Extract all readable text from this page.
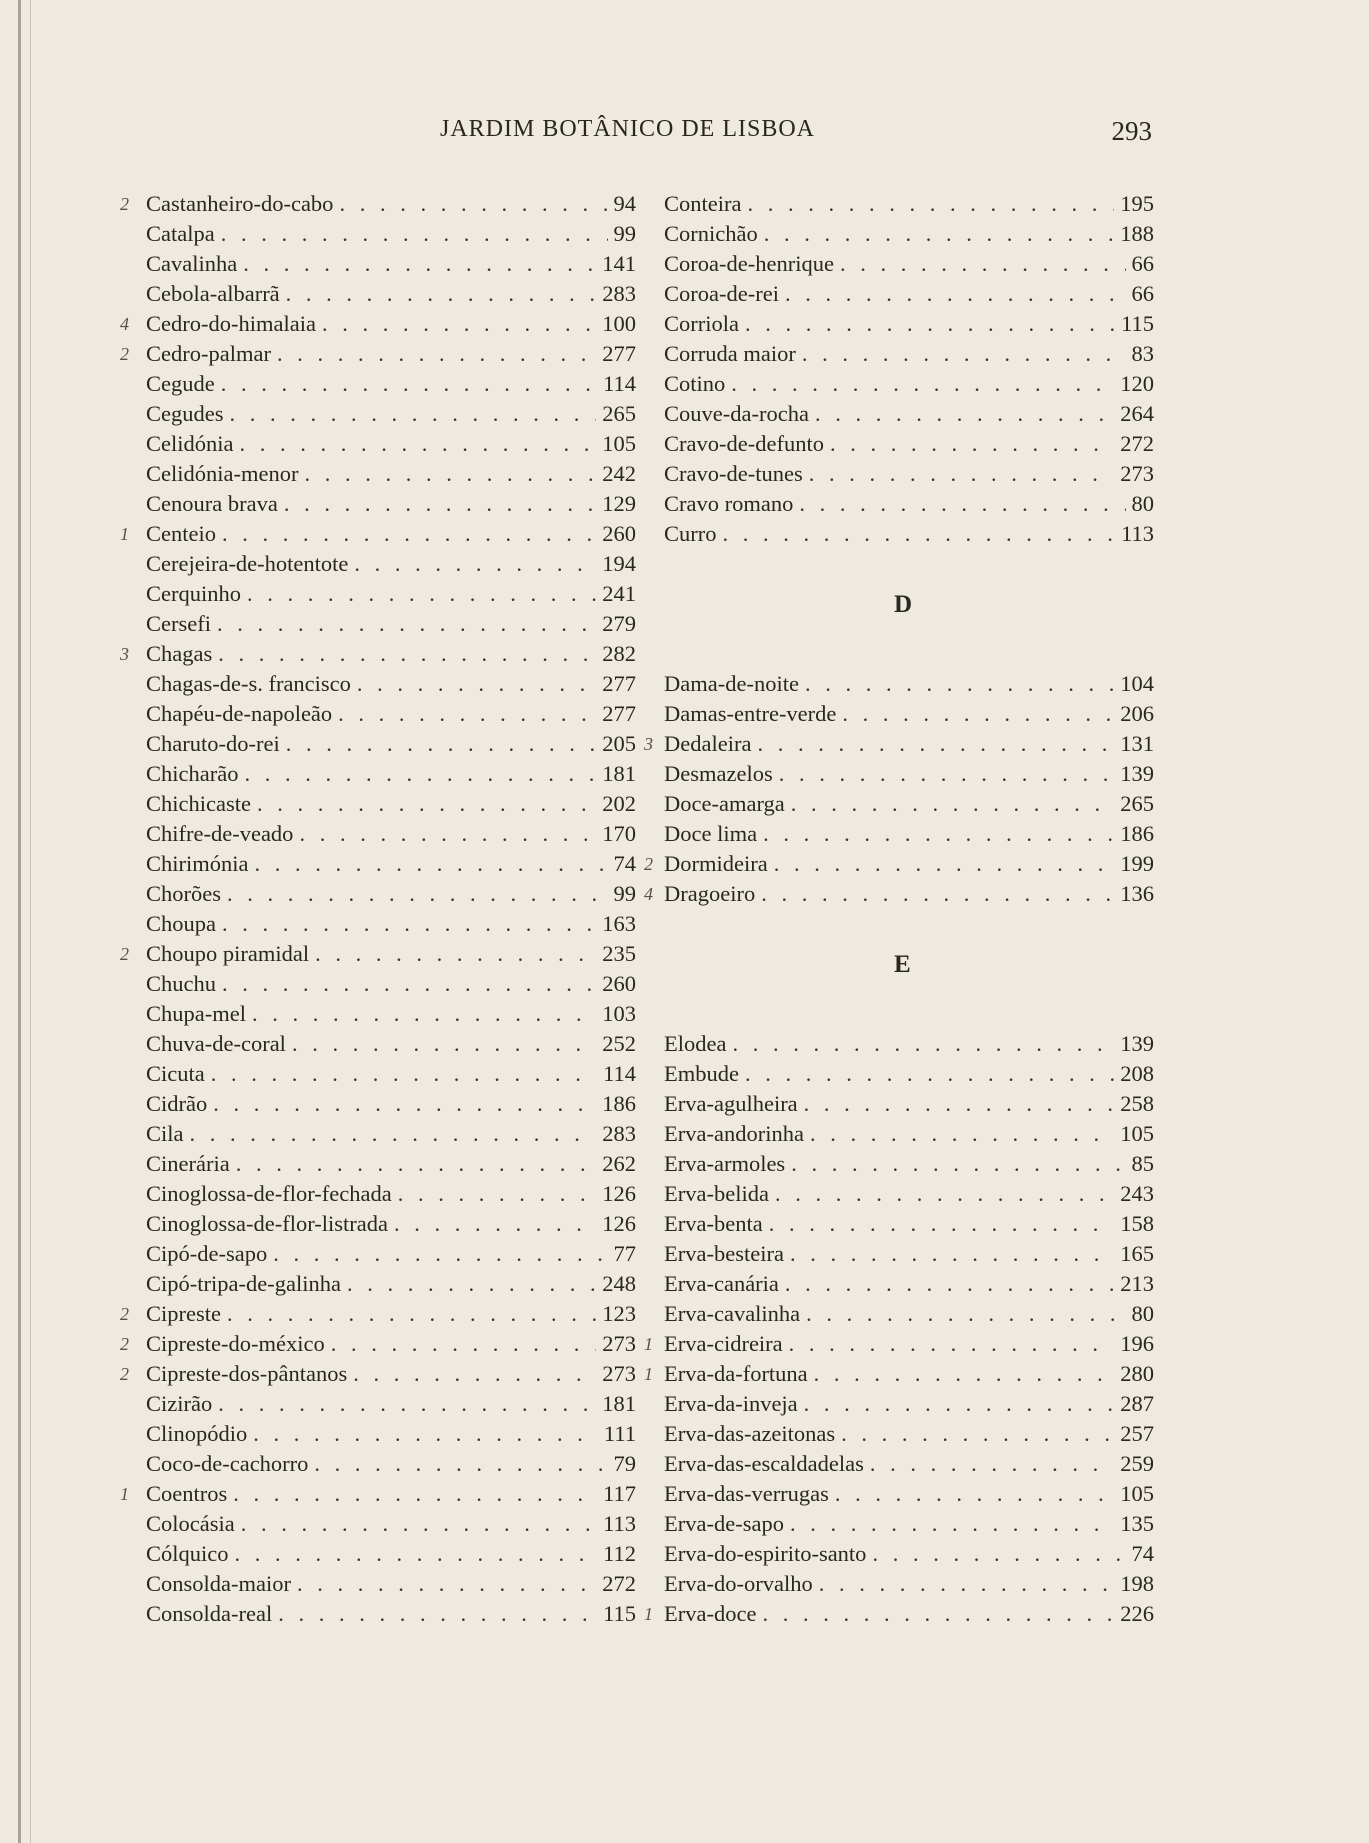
JARDIM BOTÂNICO DE LISBOA	293
2 Castanheiro-do-cabo . . .	94
Catalpa . . .	99
Cavalinha . . .	141
Cebola-albarrã . . .	283
4 Cedro-do-himalaia . . .	100
2 Cedro-palmar . . .	277
Cegude . . .	114
Cegudes . . .	265
Celidónia . . .	105
Celidónia-menor . . .	242
Cenoura brava . . .	129
1 Centeio . . .	260
Cerejeira-de-hotentote . . .	194
Cerquinho . . .	241
Cersefi . . .	279
3 Chagas . . .	282
Chagas-de-s. francisco . . .	277
Chapéu-de-napoleão . . .	277
Charuto-do-rei . . .	205
Chicharão . . .	181
Chichicaste . . .	202
Chifre-de-veado . . .	170
Chirimónia . . .	74
Chorões . . .	99
Choupa . . .	163
2 Choupo piramidal . . .	235
Chuchu . . .	260
Chupa-mel . . .	103
Chuva-de-coral . . .	252
Cicuta . . .	114
Cidrão . . .	186
Cila . . .	283
Cinerária . . .	262
Cinoglossa-de-flor-fechada . . .	126
Cinoglossa-de-flor-listrada . . .	126
Cipó-de-sapo . . .	77
Cipó-tripa-de-galinha . . .	248
2 Cipreste . . .	123
2 Cipreste-do-méxico . . .	273
2 Cipreste-dos-pântanos . . .	273
Cizirão . . .	181
Clinopódio . . .	111
Coco-de-cachorro . . .	79
1 Coentros . . .	117
Colocásia . . .	113
Cólquico . . .	112
Consolda-maior . . .	272
Consolda-real . . .	115
D
E
Conteira . . .	195
Cornichão . . .	188
Coroa-de-henrique . . .	66
Coroa-de-rei . . .	66
Corriola . . .	115
Corruda maior . . .	83
Cotino . . .	120
Couve-da-rocha . . .	264
Cravo-de-defunto . . .	272
Cravo-de-tunes . . .	273
Cravo romano . . .	80
Curro . . .	113
Dama-de-noite . . .	104
Damas-entre-verde . . .	206
3 Dedaleira . . .	131
Desmazelos . . .	139
Doce-amarga . . .	265
Doce lima . . .	186
2 Dormideira . . .	199
4 Dragoeiro . . .	136
Elodea . . .	139
Embude . . .	208
Erva-agulheira . . .	258
Erva-andorinha . . .	105
Erva-armoles . . .	85
Erva-belida . . .	243
Erva-benta . . .	158
Erva-besteira . . .	165
Erva-canária . . .	213
Erva-cavalinha . . .	80
1 Erva-cidreira . . .	196
1 Erva-da-fortuna . . .	280
Erva-da-inveja . . .	287
Erva-das-azeitonas . . .	257
Erva-das-escaldadelas . . .	259
Erva-das-verrugas . . .	105
Erva-de-sapo . . .	135
Erva-do-espirito-santo . . .	74
Erva-do-orvalho . . .	198
1 Erva-doce . . .	226
